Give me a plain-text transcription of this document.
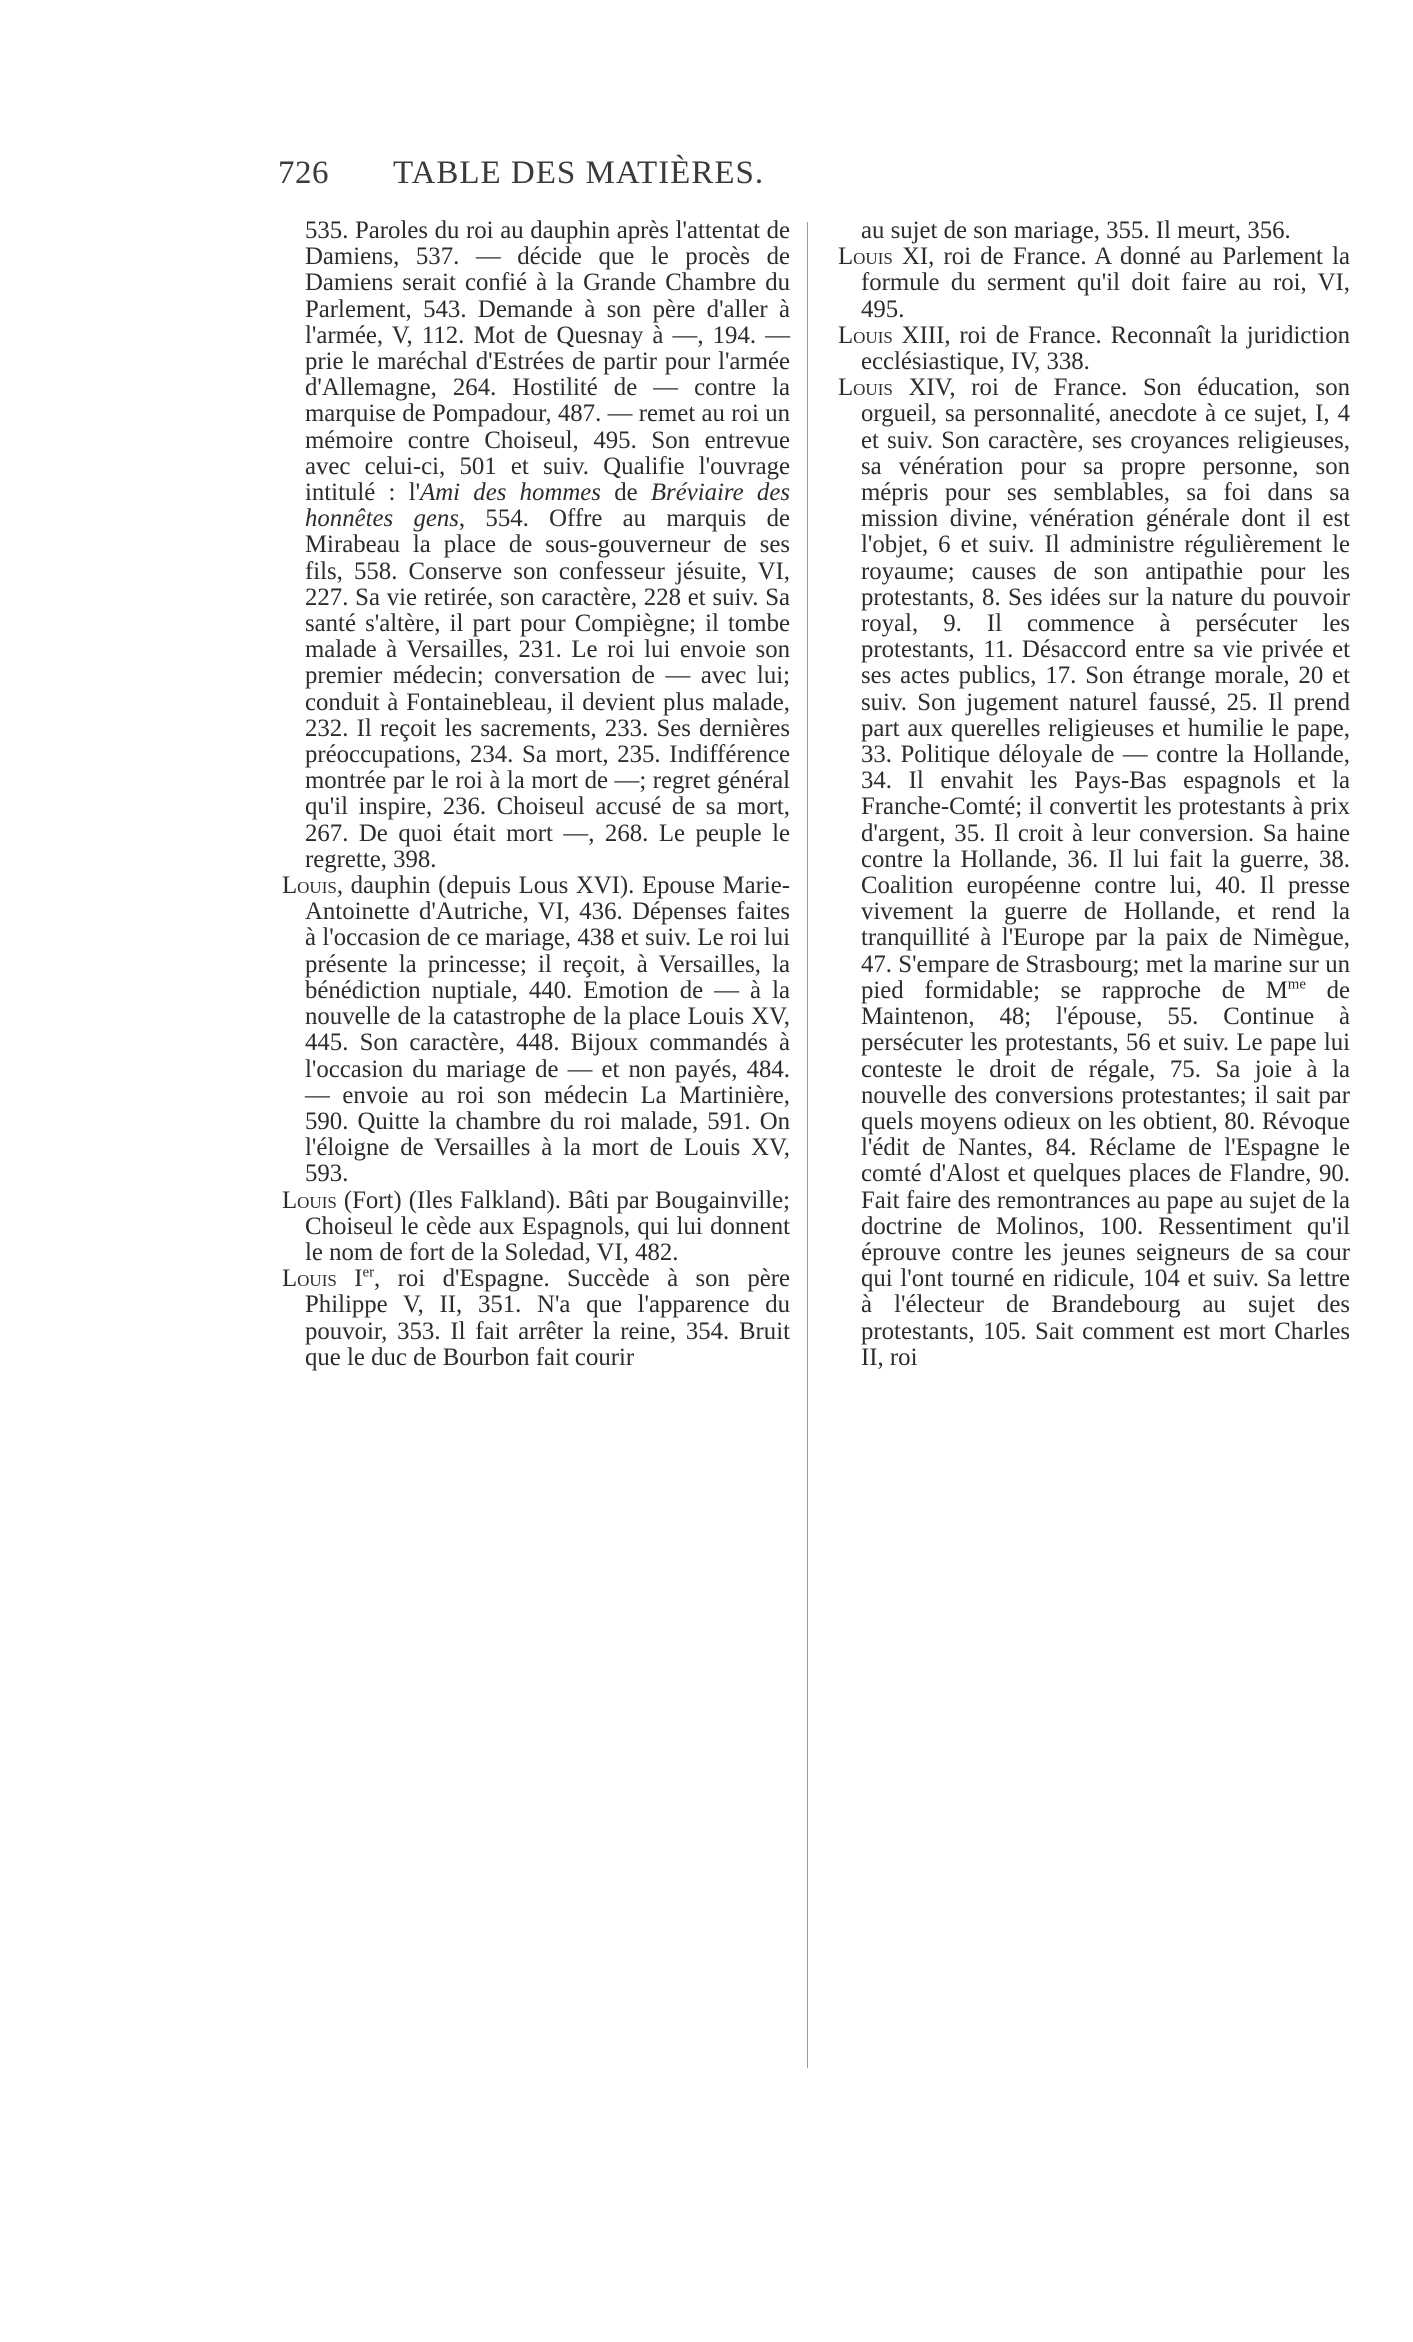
726 TABLE DES MATIÈRES.

535. Paroles du roi au dauphin après l'attentat de Damiens, 537. — décide que le procès de Damiens serait confié à la Grande Chambre du Parlement, 543. Demande à son père d'aller à l'armée, V, 112. Mot de Quesnay à —, 194. — prie le maréchal d'Estrées de partir pour l'armée d'Allemagne, 264. Hostilité de — contre la marquise de Pompadour, 487. — remet au roi un mémoire contre Choiseul, 495. Son entrevue avec celui-ci, 501 et suiv. Qualifie l'ouvrage intitulé : l'Ami des hommes de Bréviaire des honnêtes gens, 554. Offre au marquis de Mirabeau la place de sous-gouverneur de ses fils, 558. Conserve son confesseur jésuite, VI, 227. Sa vie retirée, son caractère, 228 et suiv. Sa santé s'altère, il part pour Compiègne; il tombe malade à Versailles, 231. Le roi lui envoie son premier médecin; conversation de — avec lui; conduit à Fontainebleau, il devient plus malade, 232. Il reçoit les sacrements, 233. Ses dernières préoccupations, 234. Sa mort, 235. Indifférence montrée par le roi à la mort de —; regret général qu'il inspire, 236. Choiseul accusé de sa mort, 267. De quoi était mort —, 268. Le peuple le regrette, 398.

Louis, dauphin (depuis Lous XVI). Epouse Marie-Antoinette d'Autriche, VI, 436. Dépenses faites à l'occasion de ce mariage, 438 et suiv. Le roi lui présente la princesse; il reçoit, à Versailles, la bénédiction nuptiale, 440. Emotion de — à la nouvelle de la catastrophe de la place Louis XV, 445. Son caractère, 448. Bijoux commandés à l'occasion du mariage de — et non payés, 484. — envoie au roi son médecin La Martinière, 590. Quitte la chambre du roi malade, 591. On l'éloigne de Versailles à la mort de Louis XV, 593.

Louis (Fort) (Iles Falkland). Bâti par Bougainville; Choiseul le cède aux Espagnols, qui lui donnent le nom de fort de la Soledad, VI, 482.

Louis Ier, roi d'Espagne. Succède à son père Philippe V, II, 351. N'a que l'apparence du pouvoir, 353. Il fait arrêter la reine, 354. Bruit que le duc de Bourbon fait courir

au sujet de son mariage, 355. Il meurt, 356.

Louis XI, roi de France. A donné au Parlement la formule du serment qu'il doit faire au roi, VI, 495.

Louis XIII, roi de France. Reconnaît la juridiction ecclésiastique, IV, 338.

Louis XIV, roi de France. Son éducation, son orgueil, sa personnalité, anecdote à ce sujet, I, 4 et suiv. Son caractère, ses croyances religieuses, sa vénération pour sa propre personne, son mépris pour ses semblables, sa foi dans sa mission divine, vénération générale dont il est l'objet, 6 et suiv. Il administre régulièrement le royaume; causes de son antipathie pour les protestants, 8. Ses idées sur la nature du pouvoir royal, 9. Il commence à persécuter les protestants, 11. Désaccord entre sa vie privée et ses actes publics, 17. Son étrange morale, 20 et suiv. Son jugement naturel faussé, 25. Il prend part aux querelles religieuses et humilie le pape, 33. Politique déloyale de — contre la Hollande, 34. Il envahit les Pays-Bas espagnols et la Franche-Comté; il convertit les protestants à prix d'argent, 35. Il croit à leur conversion. Sa haine contre la Hollande, 36. Il lui fait la guerre, 38. Coalition européenne contre lui, 40. Il presse vivement la guerre de Hollande, et rend la tranquillité à l'Europe par la paix de Nimègue, 47. S'empare de Strasbourg; met la marine sur un pied formidable; se rapproche de $M^{me}$ de Maintenon, 48; l'épouse, 55. Continue à persécuter les protestants, 56 et suiv. Le pape lui conteste le droit de régale, 75. Sa joie à la nouvelle des conversions protestantes; il sait par quels moyens odieux on les obtient, 80. Révoque l'édit de Nantes, 84. Réclame de l'Espagne le comté d'Alost et quelques places de Flandre, 90. Fait faire des remontrances au pape au sujet de la doctrine de Molinos, 100. Ressentiment qu'il éprouve contre les jeunes seigneurs de sa cour qui l'ont tourné en ridicule, 104 et suiv. Sa lettre à l'électeur de Brandebourg au sujet des protestants, 105. Sait comment est mort Charles II, roi
